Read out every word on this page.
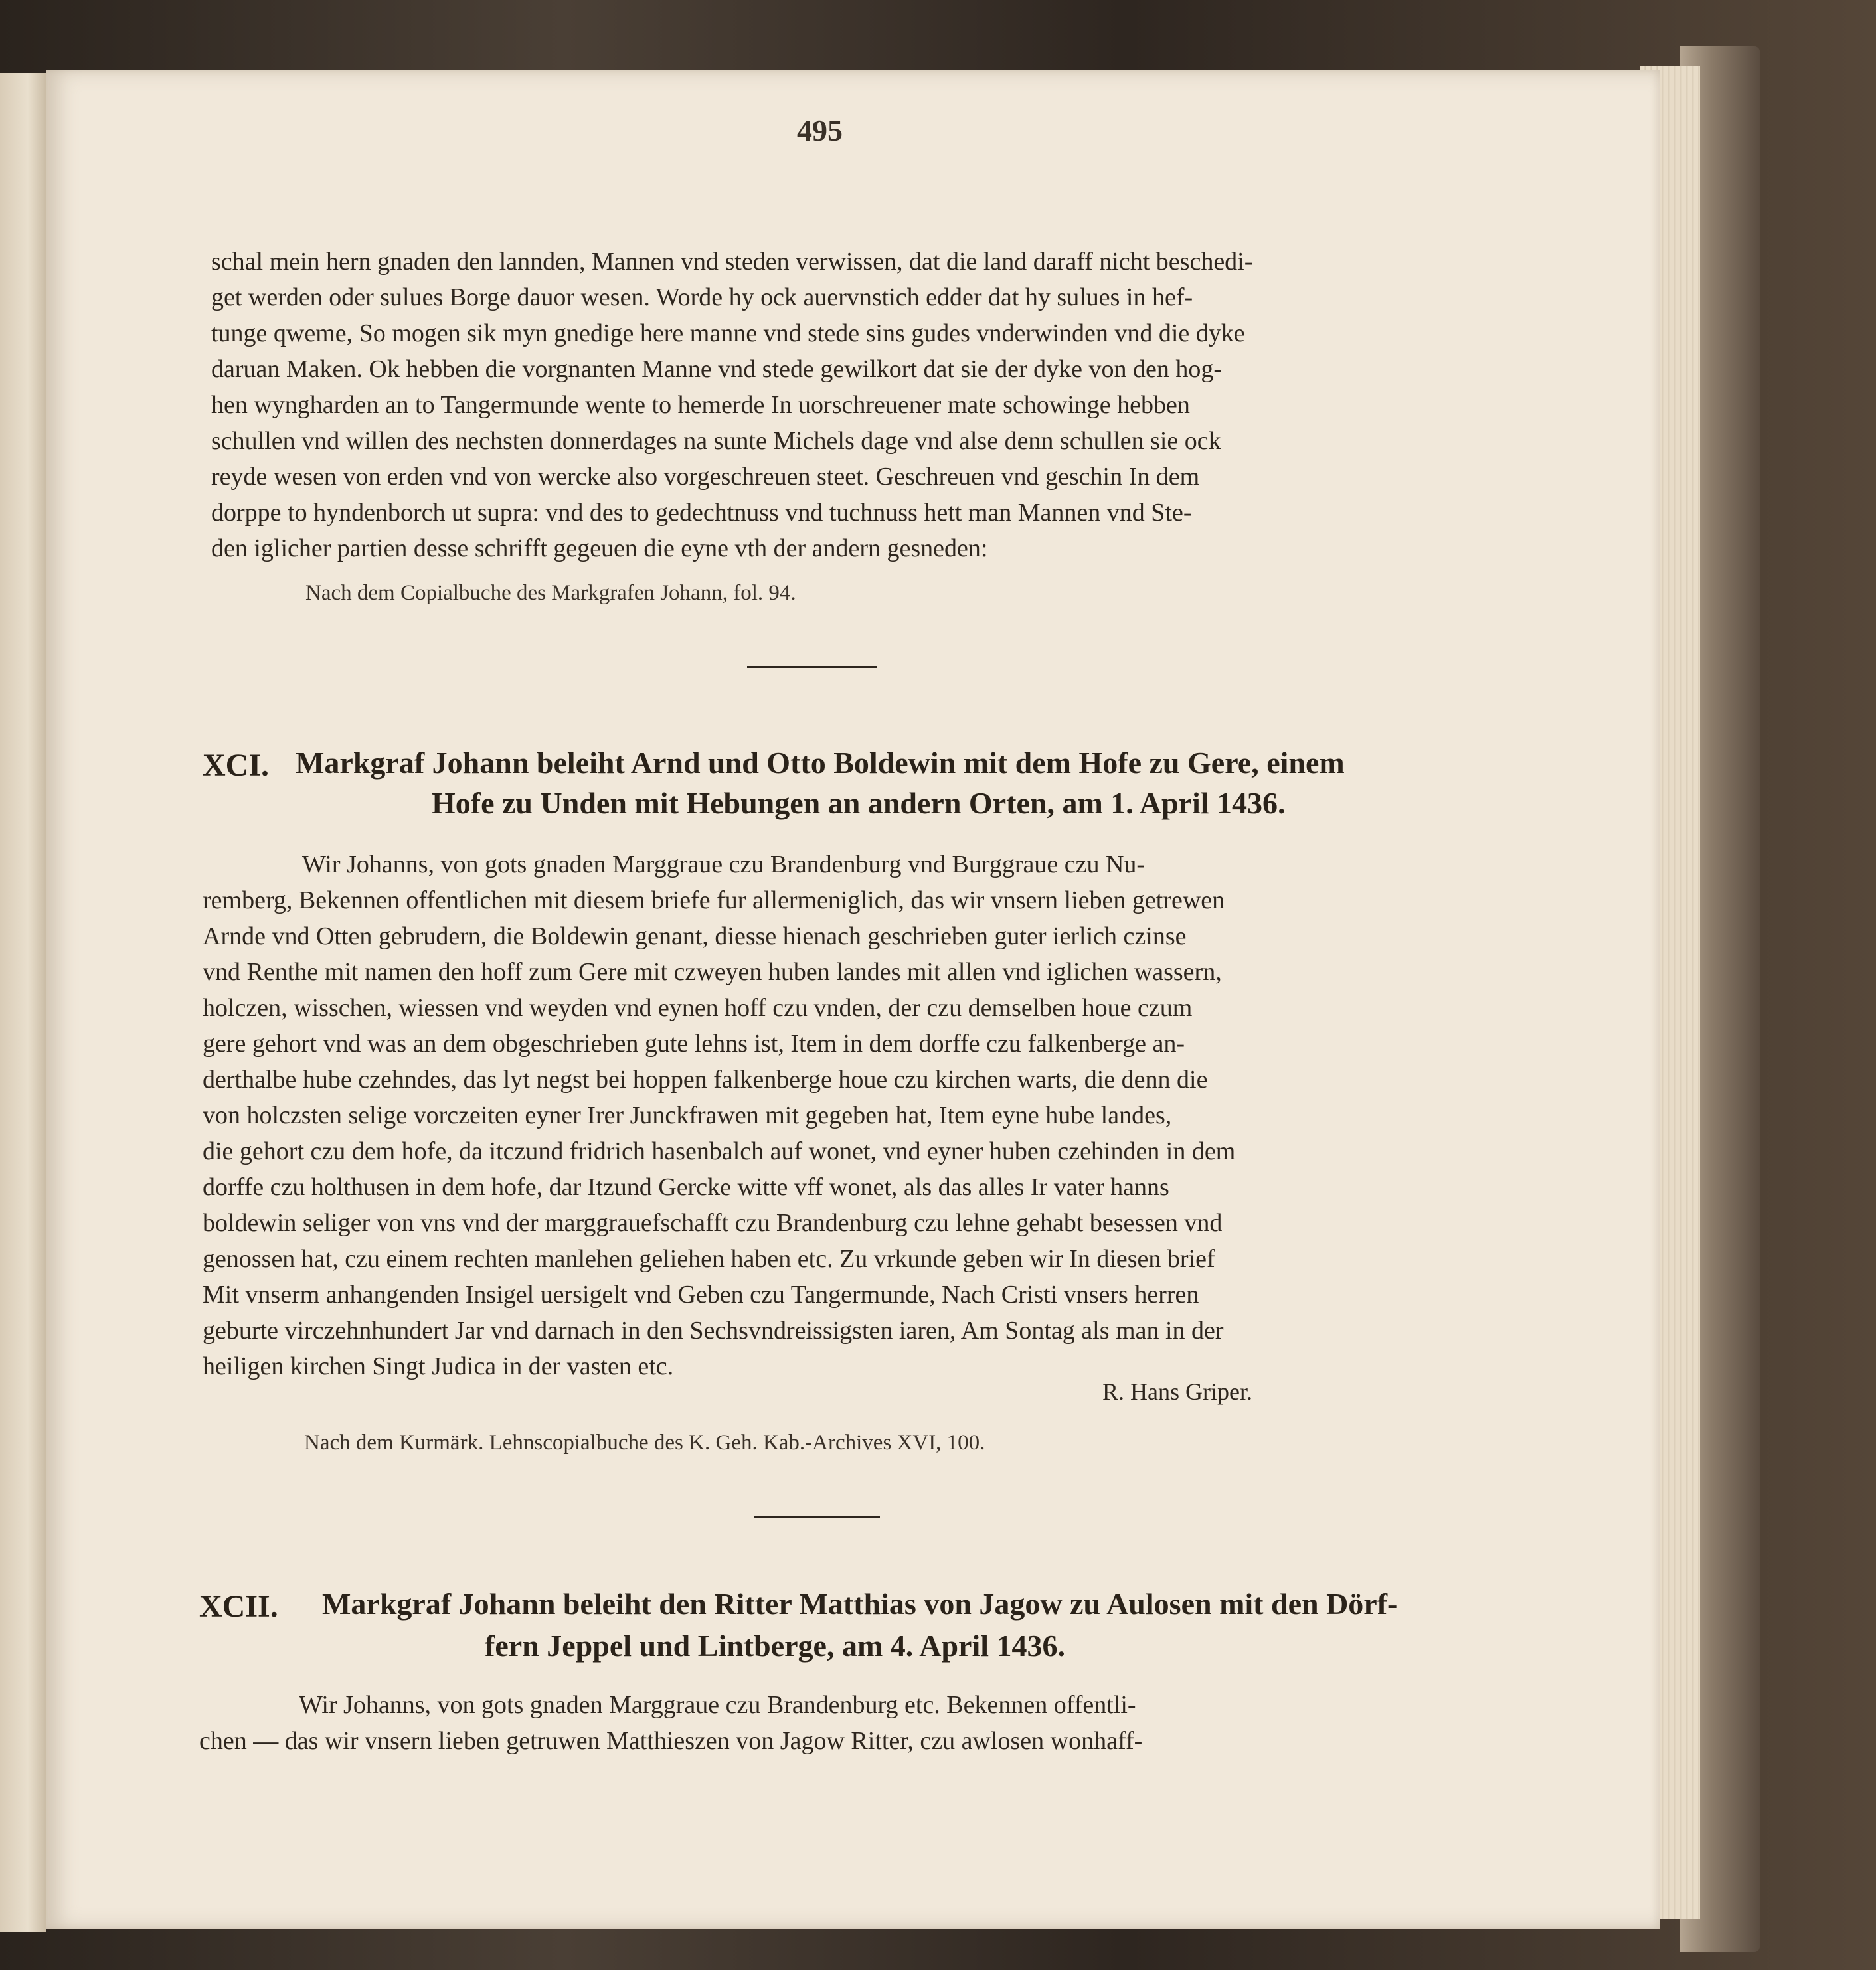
495
schal mein hern gnaden den lannden, Mannen vnd steden verwissen, dat die land daraff nicht beschedi-
get werden oder sulues Borge dauor wesen. Worde hy ock auervnstich edder dat hy sulues in hef-
tunge qweme, So mogen sik myn gnedige here manne vnd stede sins gudes vnderwinden vnd die dyke
daruan Maken. Ok hebben die vorgnanten Manne vnd stede gewilkort dat sie der dyke von den hog-
hen wyngharden an to Tangermunde wente to hemerde In uorschreuener mate schowinge hebben
schullen vnd willen des nechsten donnerdages na sunte Michels dage vnd alse denn schullen sie ock
reyde wesen von erden vnd von wercke also vorgeschreuen steet. Geschreuen vnd geschin In dem
dorppe to hyndenborch ut supra: vnd des to gedechtnuss vnd tuchnuss hett man Mannen vnd Ste-
den iglicher partien desse schrifft gegeuen die eyne vth der andern gesneden:
Nach dem Copialbuche des Markgrafen Johann, fol. 94.
XCI. Markgraf Johann beleiht Arnd und Otto Boldewin mit dem Hofe zu Gere, einem
Hofe zu Unden mit Hebungen an andern Orten, am 1. April 1436.
Wir Johanns, von gots gnaden Marggraue czu Brandenburg vnd Burggraue czu Nu-
remberg, Bekennen offentlichen mit diesem briefe fur allermeniglich, das wir vnsern lieben getrewen
Arnde vnd Otten gebrudern, die Boldewin genant, diesse hienach geschrieben guter ierlich czinse
vnd Renthe mit namen den hoff zum Gere mit czweyen huben landes mit allen vnd iglichen wassern,
holczen, wisschen, wiessen vnd weyden vnd eynen hoff czu vnden, der czu demselben houe czum
gere gehort vnd was an dem obgeschrieben gute lehns ist, Item in dem dorffe czu falkenberge an-
derthalbe hube czehndes, das lyt negst bei hoppen falkenberge houe czu kirchen warts, die denn die
von holczsten selige vorczeiten eyner Irer Junckfrawen mit gegeben hat, Item eyne hube landes,
die gehort czu dem hofe, da itczund fridrich hasenbalch auf wonet, vnd eyner huben czehinden in dem
dorffe czu holthusen in dem hofe, dar Itzund Gercke witte vff wonet, als das alles Ir vater hanns
boldewin seliger von vns vnd der marggrauefschafft czu Brandenburg czu lehne gehabt besessen vnd
genossen hat, czu einem rechten manlehen geliehen haben etc. Zu vrkunde geben wir In diesen brief
Mit vnserm anhangenden Insigel uersigelt vnd Geben czu Tangermunde, Nach Cristi vnsers herren
geburte virczehnhundert Jar vnd darnach in den Sechsvndreissigsten iaren, Am Sontag als man in der
heiligen kirchen Singt Judica in der vasten etc.
R. Hans Griper.
Nach dem Kurmärk. Lehnscopialbuche des K. Geh. Kab.-Archives XVI, 100.
XCII. Markgraf Johann beleiht den Ritter Matthias von Jagow zu Aulosen mit den Dörf-
fern Jeppel und Lintberge, am 4. April 1436.
Wir Johanns, von gots gnaden Marggraue czu Brandenburg etc. Bekennen offentli-
chen — das wir vnsern lieben getruwen Matthieszen von Jagow Ritter, czu awlosen wonhaff-
